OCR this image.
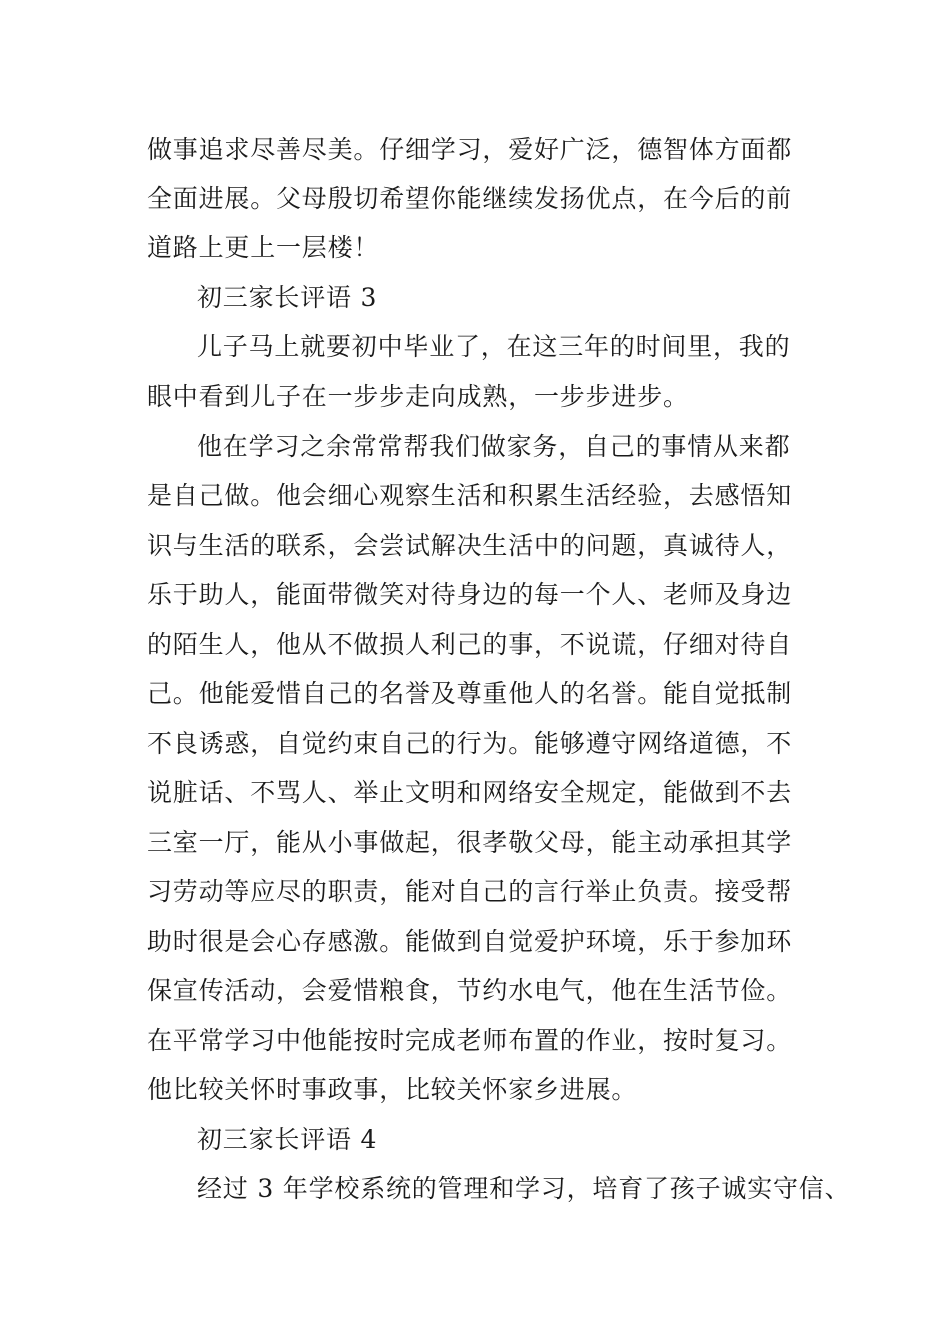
做事追求尽善尽美。仔细学习，爱好广泛，德智体方面都

全面进展。父母殷切希望你能继续发扬优点，在今后的前

道路上更上一层楼！

初三家长评语 3

儿子马上就要初中毕业了，在这三年的时间里，我的

眼中看到儿子在一步步走向成熟，一步步进步。

他在学习之余常常帮我们做家务，自己的事情从来都

是自己做。他会细心观察生活和积累生活经验，去感悟知

识与生活的联系，会尝试解决生活中的问题，真诚待人，

乐于助人，能面带微笑对待身边的每一个人、老师及身边

的陌生人，他从不做损人利己的事，不说谎，仔细对待自

己。他能爱惜自己的名誉及尊重他人的名誉。能自觉抵制

不良诱惑，自觉约束自己的行为。能够遵守网络道德，不

说脏话、不骂人、举止文明和网络安全规定，能做到不去

三室一厅，能从小事做起，很孝敬父母，能主动承担其学

习劳动等应尽的职责，能对自己的言行举止负责。接受帮

助时很是会心存感激。能做到自觉爱护环境，乐于参加环

保宣传活动，会爱惜粮食，节约水电气，他在生活节俭。

在平常学习中他能按时完成老师布置的作业，按时复习。

他比较关怀时事政事，比较关怀家乡进展。

初三家长评语 4

经过 3 年学校系统的管理和学习，培育了孩子诚实守信、
